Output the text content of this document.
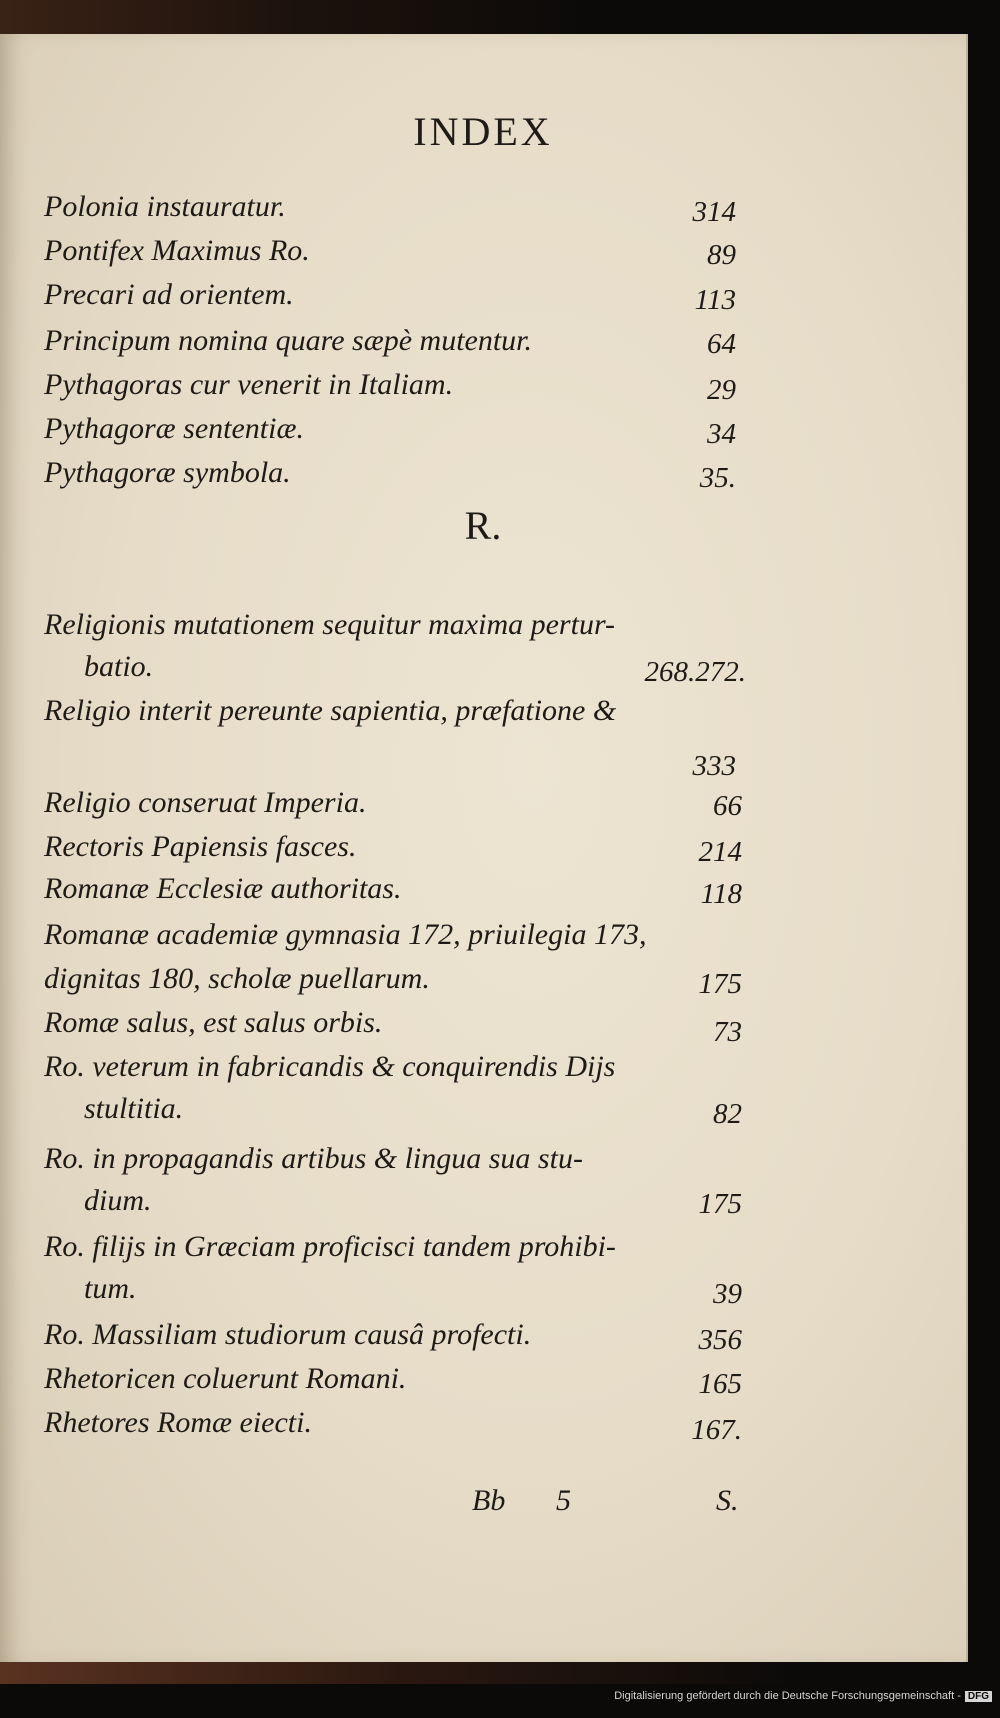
INDEX
Polonia instauratur.	314
Pontifex Maximus Ro.	89
Precari ad orientem.	113
Principum nomina quare sæpè mutentur.	64
Pythagoras cur venerit in Italiam.	29
Pythagoræ sententiæ.	34
Pythagoræ symbola.	35.
R.
Religionis mutationem sequitur maxima pertur-
batio.	268.272.
Religio interit pereunte sapientia, præfatione &
333
Religio conseruat Imperia.	66
Rectoris Papiensis fasces.	214
Romanæ Ecclesiæ authoritas.	118
Romanæ academiæ gymnasia 172, priuilegia 173,
dignitas 180, scholæ puellarum.	175
Romæ salus, est salus orbis.	73
Ro. veterum in fabricandis & conquirendis Dijs
stultitia.	82
Ro. in propagandis artibus & lingua sua stu-
dium.	175
Ro. filijs in Græciam proficisci tandem prohibi-
tum.	39
Ro. Massiliam studiorum causâ profecti.	356
Rhetoricen coluerunt Romani.	165
Rhetores Romæ eiecti.	167.
Bb 5	S.
Digitalisierung gefördert durch die Deutsche Forschungsgemeinschaft - DFG
